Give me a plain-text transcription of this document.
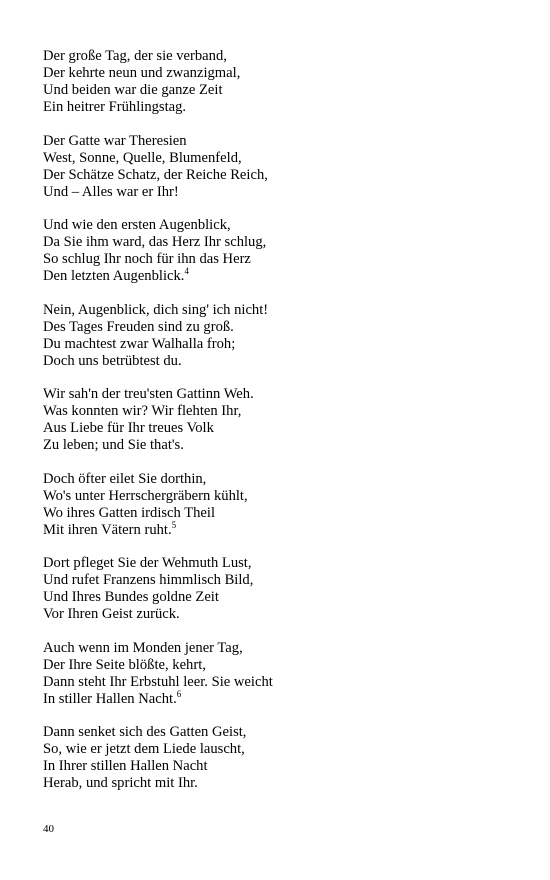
Der große Tag, der sie verband,
Der kehrte neun und zwanzigmal,
Und beiden war die ganze Zeit
Ein heitrer Frühlingstag.
Der Gatte war Theresien
West, Sonne, Quelle, Blumenfeld,
Der Schätze Schatz, der Reiche Reich,
Und – Alles war er Ihr!
Und wie den ersten Augenblick,
Da Sie ihm ward, das Herz Ihr schlug,
So schlug Ihr noch für ihn das Herz
Den letzten Augenblick.$^4$
Nein, Augenblick, dich sing' ich nicht!
Des Tages Freuden sind zu groß.
Du machtest zwar Walhalla froh;
Doch uns betrübtest du.
Wir sah'n der treu'sten Gattinn Weh.
Was konnten wir? Wir flehten Ihr,
Aus Liebe für Ihr treues Volk
Zu leben; und Sie that's.
Doch öfter eilet Sie dorthin,
Wo's unter Herrschergräbern kühlt,
Wo ihres Gatten irdisch Theil
Mit ihren Vätern ruht.$^5$
Dort pfleget Sie der Wehmuth Lust,
Und rufet Franzens himmlisch Bild,
Und Ihres Bundes goldne Zeit
Vor Ihren Geist zurück.
Auch wenn im Monden jener Tag,
Der Ihre Seite blößte, kehrt,
Dann steht Ihr Erbstuhl leer. Sie weicht
In stiller Hallen Nacht.$^6$
Dann senket sich des Gatten Geist,
So, wie er jetzt dem Liede lauscht,
In Ihrer stillen Hallen Nacht
Herab, und spricht mit Ihr.
40
